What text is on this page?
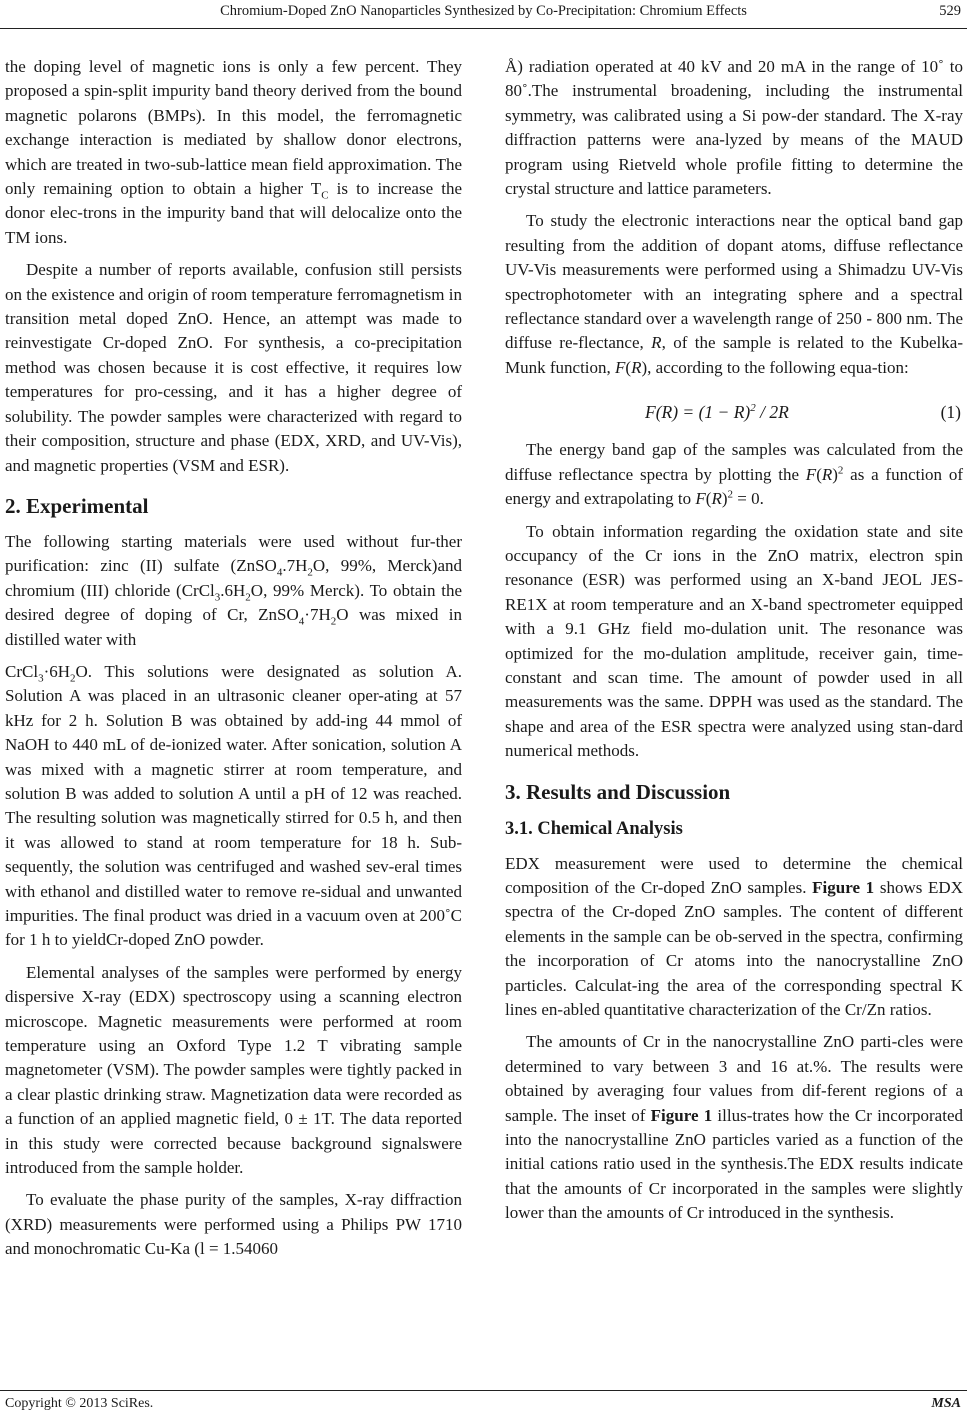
Chromium-Doped ZnO Nanoparticles Synthesized by Co-Precipitation: Chromium Effects	529

the doping level of magnetic ions is only a few percent. They proposed a spin-split impurity band theory derived from the bound magnetic polarons (BMPs). In this model, the ferromagnetic exchange interaction is mediated by shallow donor electrons, which are treated in two-sub-lattice mean field approximation. The only remaining option to obtain a higher $T_C$ is to increase the donor elec-trons in the impurity band that will delocalize onto the TM ions.

Despite a number of reports available, confusion still persists on the existence and origin of room temperature ferromagnetism in transition metal doped ZnO. Hence, an attempt was made to reinvestigate Cr-doped ZnO. For synthesis, a co-precipitation method was chosen because it is cost effective, it requires low temperatures for pro-cessing, and it has a higher degree of solubility. The powder samples were characterized with regard to their composition, structure and phase (EDX, XRD, and UV-Vis), and magnetic properties (VSM and ESR).

2. Experimental

The following starting materials were used without fur-ther purification: zinc (II) sulfate ($ZnSO_4.7H_2O$, 99%, Merck)and chromium (III) chloride ($CrCl_3.6H_2O$, 99% Merck). To obtain the desired degree of doping of Cr, $ZnSO_4\cdot 7H_2O$ was mixed in distilled water with

$CrCl_3\cdot 6H_2O$. This solutions were designated as solution A. Solution A was placed in an ultrasonic cleaner oper-ating at 57 kHz for 2 h. Solution B was obtained by add-ing 44 mmol of NaOH to 440 mL of de-ionized water. After sonication, solution A was mixed with a magnetic stirrer at room temperature, and solution B was added to solution A until a pH of 12 was reached. The resulting solution was magnetically stirred for 0.5 h, and then it was allowed to stand at room temperature for 18 h. Sub-sequently, the solution was centrifuged and washed sev-eral times with ethanol and distilled water to remove re-sidual and unwanted impurities. The final product was dried in a vacuum oven at 200˚C for 1 h to yieldCr-doped ZnO powder.

Elemental analyses of the samples were performed by energy dispersive X-ray (EDX) spectroscopy using a scanning electron microscope. Magnetic measurements were performed at room temperature using an Oxford Type 1.2 T vibrating sample magnetometer (VSM). The powder samples were tightly packed in a clear plastic drinking straw. Magnetization data were recorded as a function of an applied magnetic field, 0 ± 1T. The data reported in this study were corrected because background signalswere introduced from the sample holder.

To evaluate the phase purity of the samples, X-ray diffraction (XRD) measurements were performed using a Philips PW 1710 and monochromatic Cu-Ka (l = 1.54060

Å) radiation operated at 40 kV and 20 mA in the range of 10˚ to 80˚.The instrumental broadening, including the instrumental symmetry, was calibrated using a Si pow-der standard. The X-ray diffraction patterns were ana-lyzed by means of the MAUD program using Rietveld whole profile fitting to determine the crystal structure and lattice parameters.

To study the electronic interactions near the optical band gap resulting from the addition of dopant atoms, diffuse reflectance UV-Vis measurements were performed using a Shimadzu UV-Vis spectrophotometer with an integrating sphere and a spectral reflectance standard over a wavelength range of 250 - 800 nm. The diffuse re-flectance, R, of the sample is related to the Kubelka-Munk function, F(R), according to the following equa-tion:

$F(R) = (1 - R)^2 / 2R$	(1)

The energy band gap of the samples was calculated from the diffuse reflectance spectra by plotting the $F(R)^2$ as a function of energy and extrapolating to $F(R)^2 = 0$.

To obtain information regarding the oxidation state and site occupancy of the Cr ions in the ZnO matrix, electron spin resonance (ESR) was performed using an X-band JEOL JES-RE1X at room temperature and an X-band spectrometer equipped with a 9.1 GHz field mo-dulation unit. The resonance was optimized for the mo-dulation amplitude, receiver gain, time-constant and scan time. The amount of powder used in all measurements was the same. DPPH was used as the standard. The shape and area of the ESR spectra were analyzed using stan-dard numerical methods.

3. Results and Discussion
3.1. Chemical Analysis

EDX measurement were used to determine the chemical composition of the Cr-doped ZnO samples. Figure 1 shows EDX spectra of the Cr-doped ZnO samples. The content of different elements in the sample can be ob-served in the spectra, confirming the incorporation of Cr atoms into the nanocrystalline ZnO particles. Calculat-ing the area of the corresponding spectral K lines en-abled quantitative characterization of the Cr/Zn ratios.

The amounts of Cr in the nanocrystalline ZnO parti-cles were determined to vary between 3 and 16 at.%. The results were obtained by averaging four values from dif-ferent regions of a sample. The inset of Figure 1 illus-trates how the Cr incorporated into the nanocrystalline ZnO particles varied as a function of the initial cations ratio used in the synthesis.The EDX results indicate that the amounts of Cr incorporated in the samples were slightly lower than the amounts of Cr introduced in the synthesis.

Copyright © 2013 SciRes.	MSA
